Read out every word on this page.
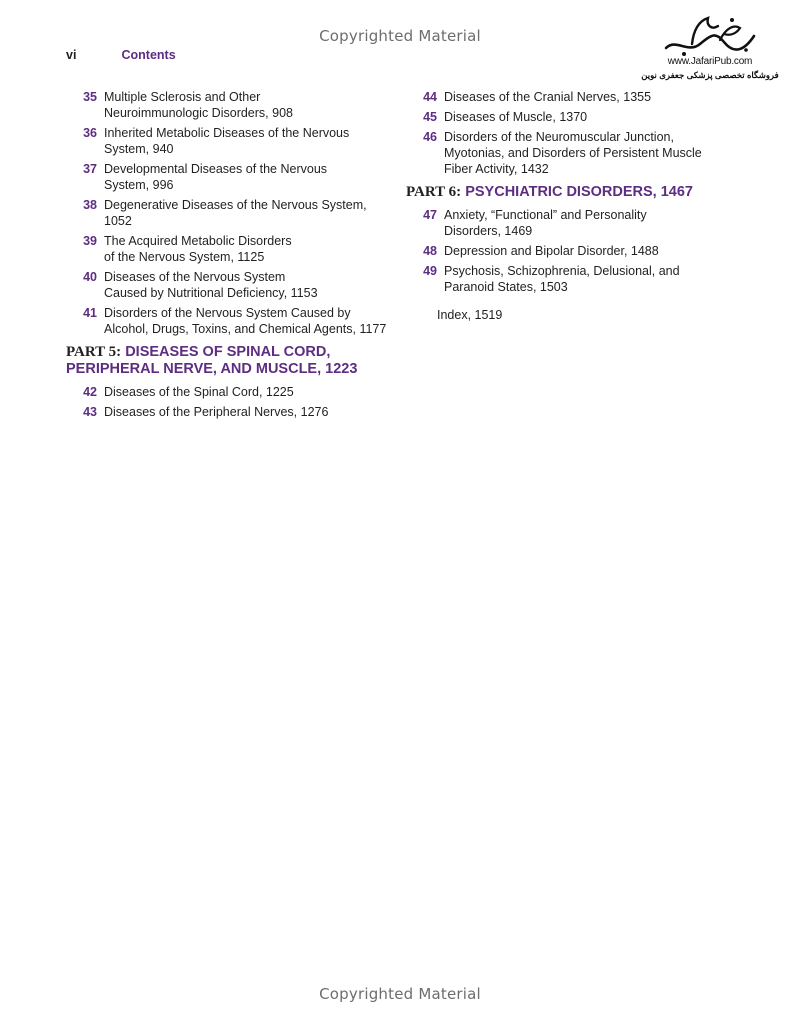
Copyrighted Material
vi	Contents	www.JafariPub.com
فروشگاه تخصصی پزشکی جعفری نوین
35 Multiple Sclerosis and Other
Neuroimmunologic Disorders, 908
36 Inherited Metabolic Diseases of the Nervous
System, 940
37 Developmental Diseases of the Nervous
System, 996
38 Degenerative Diseases of the Nervous System, 1052
39 The Acquired Metabolic Disorders
of the Nervous System, 1125
40 Diseases of the Nervous System
Caused by Nutritional Deficiency, 1153
41 Disorders of the Nervous System Caused by
Alcohol, Drugs, Toxins, and Chemical Agents, 1177
PART 5: DISEASES OF SPINAL CORD,
PERIPHERAL NERVE, AND MUSCLE, 1223
42 Diseases of the Spinal Cord, 1225
43 Diseases of the Peripheral Nerves, 1276
44 Diseases of the Cranial Nerves, 1355
45 Diseases of Muscle, 1370
46 Disorders of the Neuromuscular Junction,
Myotonias, and Disorders of Persistent Muscle
Fiber Activity, 1432
PART 6: PSYCHIATRIC DISORDERS, 1467
47 Anxiety, “Functional” and Personality
Disorders, 1469
48 Depression and Bipolar Disorder, 1488
49 Psychosis, Schizophrenia, Delusional, and
Paranoid States, 1503
Index, 1519
Copyrighted Material
